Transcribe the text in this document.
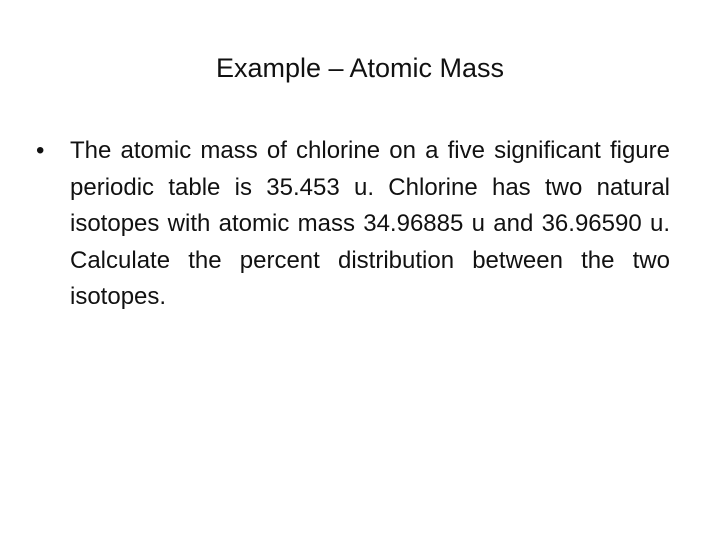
Example – Atomic Mass
• The atomic mass of chlorine on a five significant figure periodic table is 35.453 u. Chlorine has two natural isotopes with atomic mass 34.96885 u and 36.96590 u. Calculate the percent distribution between the two isotopes.
